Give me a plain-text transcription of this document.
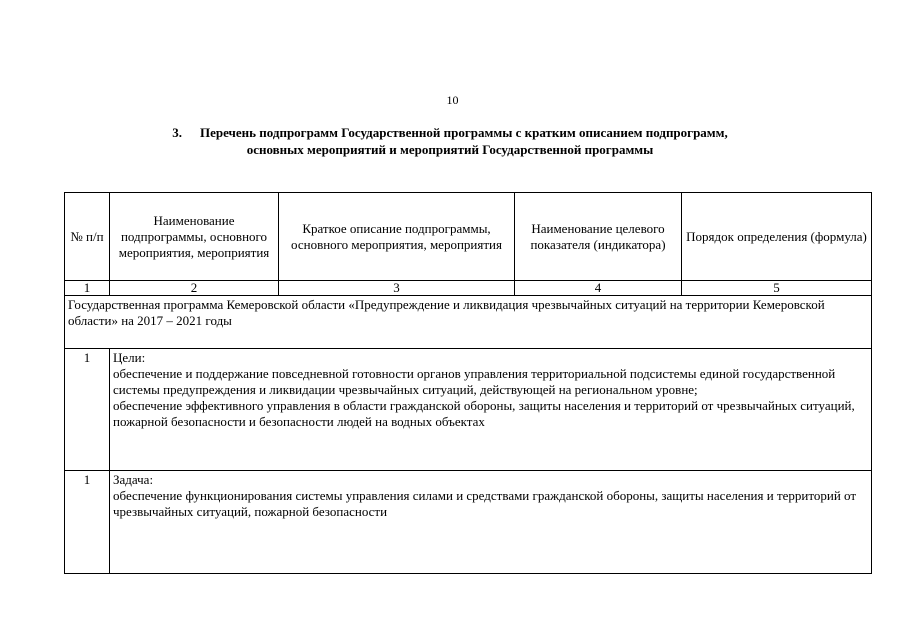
10
3. Перечень подпрограмм Государственной программы с кратким описанием подпрограмм,
основных мероприятий и мероприятий Государственной программы
№ п/п	Наименование подпрограммы, основного мероприятия, мероприятия	Краткое описание подпрограммы, основного мероприятия, мероприятия	Наименование целевого показателя (индикатора)	Порядок определения (формула)
1	2	3	4	5
Государственная программа Кемеровской области «Предупреждение и ликвидация чрезвычайных ситуаций на территории Кемеровской области» на 2017 – 2021 годы				
1	Цели:
обеспечение и поддержание повседневной готовности органов управления территориальной подсистемы единой государственной системы предупреждения и ликвидации чрезвычайных ситуаций, действующей на региональном уровне;
обеспечение эффективного управления в области гражданской обороны, защиты населения и территорий от чрезвычайных ситуаций, пожарной безопасности и безопасности людей на водных объектах			

1	Задача:
обеспечение функционирования системы управления силами и средствами гражданской обороны, защиты населения и территорий от чрезвычайных ситуаций, пожарной безопасности			
